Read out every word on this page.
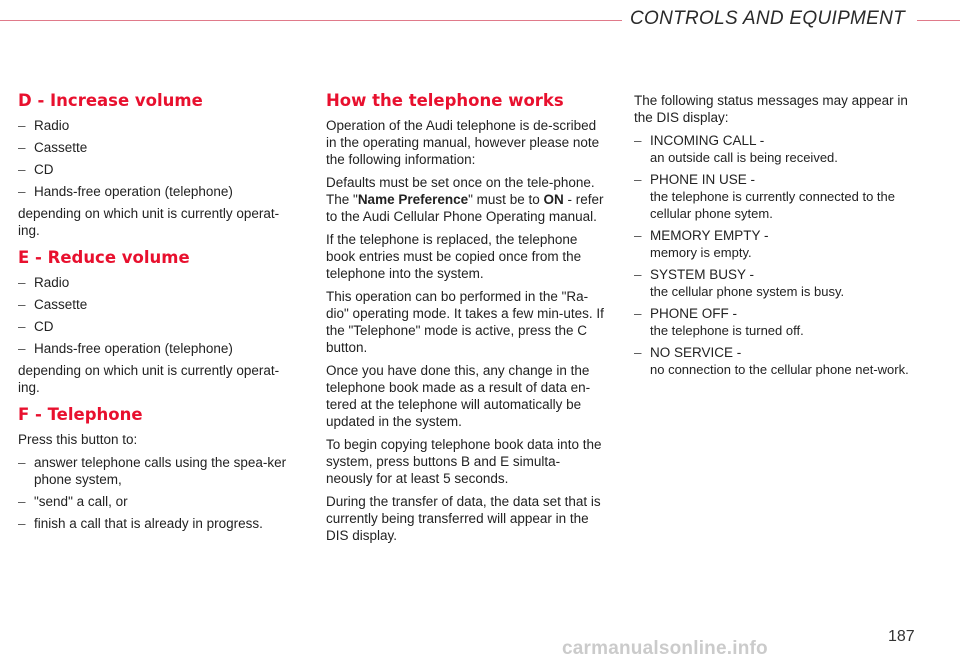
CONTROLS AND EQUIPMENT
D - Increase volume
– Radio
– Cassette
– CD
– Hands-free operation (telephone)

depending on which unit is currently operat-ing.

E - Reduce volume
– Radio
– Cassette
– CD
– Hands-free operation (telephone)

depending on which unit is currently operat-ing.

F - Telephone

Press this button to:

– answer telephone calls using the spea-ker phone system,
– "send" a call, or
– finish a call that is already in progress.
How the telephone works

Operation of the Audi telephone is de-scribed in the operating manual, however please note the following information:

Defaults must be set once on the tele-phone. The "Name Preference" must be to ON - refer to the Audi Cellular Phone Operating manual.

If the telephone is replaced, the telephone book entries must be copied once from the telephone into the system.

This operation can bo performed in the "Ra-dio" operating mode. It takes a few min-utes. If the "Telephone" mode is active, press the C button.

Once you have done this, any change in the telephone book made as a result of data en-tered at the telephone will automatically be updated in the system.

To begin copying telephone book data into the system, press buttons B and E simulta-neously for at least 5 seconds.

During the transfer of data, the data set that is currently being transferred will appear in the DIS display.

The following status messages may appear in the DIS display:

– INCOMING CALL -
an outside call is being received.
– PHONE IN USE -
the telephone is currently connected to the cellular phone sytem.
– MEMORY EMPTY -
memory is empty.
– SYSTEM BUSY -
the cellular phone system is busy.
– PHONE OFF -
the telephone is turned off.
– NO SERVICE -
no connection to the cellular phone net-work.
carmanualsonline.info
187
